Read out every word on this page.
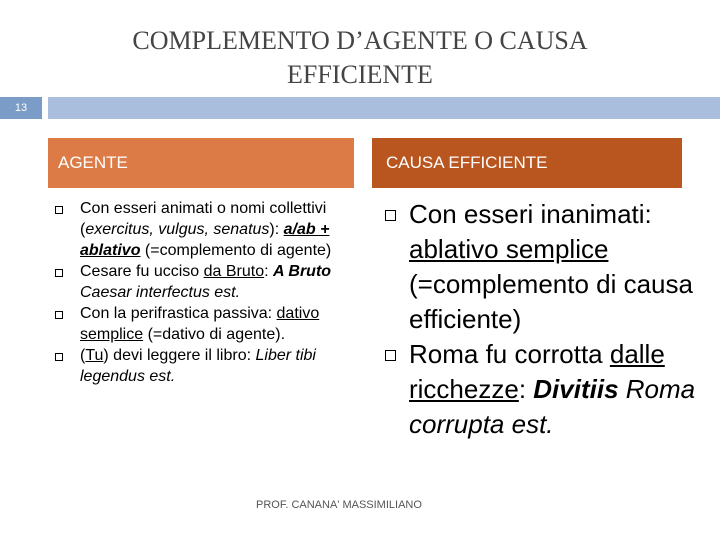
COMPLEMENTO D’AGENTE O CAUSA
EFFICIENTE
13
AGENTE	CAUSA EFFICIENTE
Con esseri animati o nomi collettivi (exercitus, vulgus, senatus): a/ab + ablativo (=complemento di agente)
Cesare fu ucciso da Bruto: A Bruto Caesar interfectus est.
Con la perifrastica passiva: dativo semplice (=dativo di agente).
(Tu) devi leggere il libro: Liber tibi legendus est.
Con esseri inanimati: ablativo semplice (=complemento di causa efficiente)
Roma fu corrotta dalle ricchezze: Divitiis Roma corrupta est.
PROF. CANANA' MASSIMILIANO
